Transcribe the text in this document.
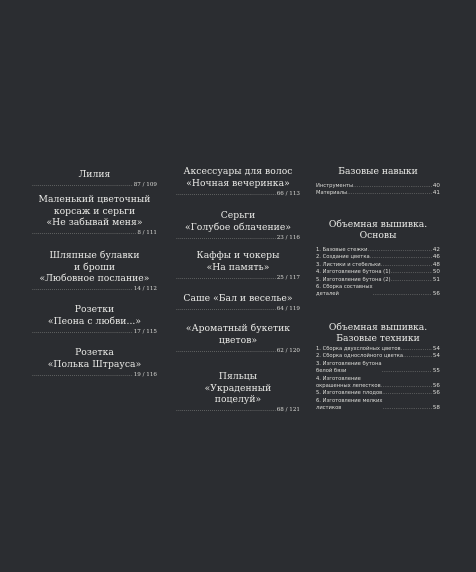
Лилия
.....
87 / 109
Маленький цветочный
корсаж и серьги
«Не забывай меня»
.....
8 / 111
Шляпные булавки
и броши
«Любовное послание»
.....
14 / 112
Розетки
«Пеона с любви...»
.....
17 / 115
Розетка
«Полька Штрауса»
.....
19 / 116
Аксессуары для волос
«Ночная вечеринка»
.....
66 / 113
Серьги
«Голубое облачение»
.....
23 / 116
Каффы и чокеры
«На память»
.....
25 / 117
Саше «Бал и веселье»
.....
64 / 119
«Ароматный букетик
цветов»
.....
62 / 120
Пяльцы
«Украденный
поцелуй»
.....
68 / 121
Базовые навыки
Инструменты .....	40
Материалы .....	41
Объемная вышивка.
Основы
1. Базовые стежки .....	42
2. Создание цветка .....	46
3. Листики и стебельки .....	48
4. Изготовление бутона (1) .....	50
5. Изготовление бутона (2) .....	51
6. Сборка составных
деталей .....	56
Объемная вышивка.
Базовые техники
1. Сборка двухслойных цветов .....	54
2. Сборка однослойного цветка .....	54
3. Изготовление бутона
белой бязи .....	55
4. Изготовление
окрашенных лепестков .....	56
5. Изготовление плодов .....	56
6. Изготовление мелких
листиков .....	58
